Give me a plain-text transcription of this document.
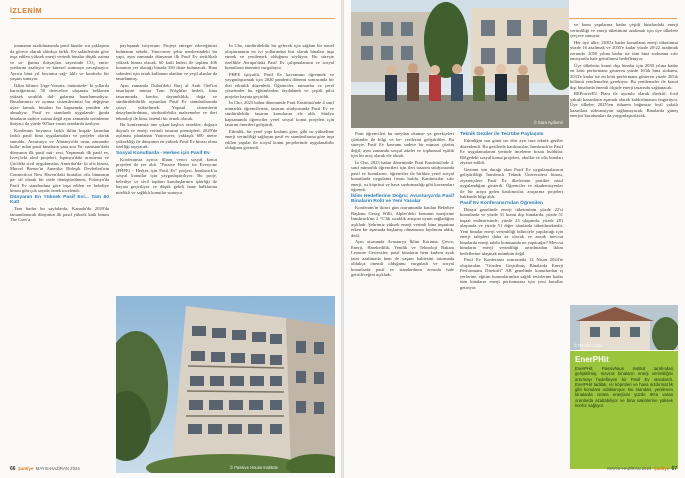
İZLENİM

tonmanın azaltılmasında pasif binala- rın yaklaşımı da görece olarak oldukça farklı. Ev sakinlerinin göre inşa edilen yüksek enerji verimli binalar düşük ısıtma ve so- ğutma ihtiyaçları sayesinde CO₂ emis- yonlarını azaltıyor ve küresel ısınmaya yavaşlatıyor. Ayrıca bina yıl boyunca sağ- lıklı ve konforlu bir yaşam sunuyor.

İklim bilimci Urge-Vorsatz, önümüzde- ki yıllarda karaciğerimiz, 50 derecelere ulaşması beklenen yüksek sıcaklık dal- galarına hazırlanmalıyız. Binalarımızı ve ısınma sistemlerimizi bu değişime uyar- lamalı, binaları bu kapsamda yeniden ele almalıyız. Pasif ev standardı uygulandı- ğında binaların sadece ısıtma değil aynı zamanda serinletme ihtiyacı da yüzde 90'lara varan oranlarda azalıyor.

Konferans boyunca farklı iklim kuşak- larından farklı pasif bina uygulamaları ve projeler olarak sunuldu. Avusturya ve Almanya'da uzun zamandır kulla- nılan pasif binaların yanı sıra Yu- nanistan'daki dünyanın ilk pasif mü- zesi, Yaşanmak ilk pasif ev, İsveç'teki okul projeleri, İspanya'daki arastırma ve Çin'deki sivil uygulamalar, Amerika'da- ki ofis binası, Marcel Breuer'in Amerika Birleşik Devletleri'nin Connecticut New Haven'daki brutalist ofis binasının pa- sif olarak bir otele dönüştürülmesi, Polonya'da Pasif Ev standardına göre inşa edilen ve belediye binası gibi çok sayıda örnek incelendi.

Dünyanın En Yüksek Pasif Evi... Tam 60 Kat!

Tam budur bu sayfalarda, Kanada'da 2029'da tamamlanacak dünyanın ilk pasif yüksek katlı binası The Curv'a

paylaşmak istiyorum. Projeyi entegre edeceğimizi bulmanın sebebi, Vancouver şehir merkezindeki bu yapı, aynı zamanda dünyanın ilk Pasif Ev sertifikalı yüksek binası olacak. 60 katlı kulesi ile toplam 406 konutun yer alacağı binada 350 daire bulunacak. Bina sakinleri için ortak kullanım alanları ve yeşil alanlar da tasarlanmış.

Aynı zamanda Dubai'deki Burj al Arab Otel'ini tasarlayan mimar Tom Wright'ın hedefi, bina tasarımında, konfor, dayanıklılık, doğa ve sürdürülebilirlik açısından Pasif Ev standartlarında çıtayı yükseltmek. Yapısal sistemlerin detaylandırılması, sürdürülebilir malzemeler ve ileri teknoloji ile bina, önemli bir örnek olacak.

Bu konferansta öne çıkan başlıca örnekler, doğaya duyarlı ve enerji verimli tasarım prensipleri, 2029'da açılması planlanan Vancouver, yaklaşık 600 metre yüksekliği ile dünyanın en yüksek Pasif Ev binası olma özelliği taşıyacak.

Sosyal Konutlarda - Herkes için Pasif Ev

Konferansta ayrıca ilham verici sosyal konut projeleri de yer aldı. "Passive House for Everyone (PHFE) - Herkes için Pasif Ev" projesi, İnnsbruck'ta sosyal konutlar için yaygınlaştırılıyor. Bu proje, belediye ve sivil toplum kuruluşlarının işbirliği ile hayata geçiriliyor ve düşük gelirli hane halklarına nitelikli ve sağlıklı konutlar sunuyor.

İn Cho, sürdürülebilir bir gelecek için sağlam bir temel oluşturmanın en iyi yollarından biri olarak binaları inşa etmek ve yenilemek olduğunu söylüyor. Bu süreçte özellikle Avrupa'daki Pasif Ev çalışmalarının ve sosyal konutların önemini vurguluyor.

PHFE iştiyatili, Pasif Ev kavramını öğretmek ve yaygınlaştırmak için 2020 pandemi dönemi sonrasında bir dizi etkinlik düzenledi. Öğrenciler, mimarlar ve yerel yönetimler bu eğitimlerden faydalandı ve çeşitli pilot projeler hayata geçirildi.

İn Cho, 2023 bahar döneminde Pratt Enstitüsü'nde 4 sınıf mimarlık öğrencilerine, tasarım stüdyosunda Pasif Ev ve sürdürülebilir tasarım konularını ele aldı. Stüdyo kapsamında öğrenciler yerel sosyal konut projeleri için tasarım önerileri geliştirdi.

Etkinlik, bir yerel yapı kodunu göre, gibi ısı yükseltme enerji verimliliği sağlayan pasif ev standartlarına göre inşa edilen yapılar ile sosyal konut projelerinde uygulanabilir olduğunu gösterdi.

© Passive House Institute
66 Şantiye MAYIS-HAZİRAN 2024
© Sara Aydemir

Pratt öğrencileri bu meydan okuma- ya gerekçeleri çözümler ile bilgi ve be- cerilerini geliştirdiler. Bu süreçte, Pasif Ev kavramı sadece bir mimari çözüm değil, aynı zamanda sosyal adalet ve toplumsal eşitlik için bir araç olarak ele alındı.

İn Cho, 2023 bahar döneminde Pratt Enstitüsü'nde 4. sınıf mimarlık öğrencileri için ileri tasarım stüdyosunda pasif ev konularını, öğrenciler ile birlikte yerel sosyal konutlarda uygulama fırsatı buldu. Katılımcılar sıfır enerji, ısı köprüsü ve hava sızdırmazlığı gibi kavramları öğrendi.

İklim Hedeflerine Doğru: Avusturya'da Pasif Binaların Rolü ve Yeni Yasalar

Konferans'ın ikinci gün oturumunda katılan Belediye Başkanı Georg Willi, Alpler'deki konutun enerjisine İnnsbruck'un 2 °C'lik sıcaklık artışına uyum sağladığını açıkladı. Şehrimiz yüksek enerji verimli bina inşaatına erken bir aşamada başlamış olmamızın faydasını aldık, dedi.

Aynı oturumda Avusturya İklim Koruma, Çevre, Enerji, Hareketlilik, Yenilik ve Teknoloji Bakanı Leonore Gewessler, pasif binaların hem karbon ayak izini azaltmada hem de yaşam kalitesini artırmada oldukça önemli olduğunu vurguladı ve sosyal konutlarda pasif ev standardının zorunlu hale getirileceğini açıkladı.

Teknik Geziler ile Tecrübe Paylaşımı

Etkinliğin son günü ise dört ayrı tura teknik geziler düzenlendi. Bu gezilerde katılımcılar, İnnsbruck'ta Pasif Ev uygulamalarını yerinde inceleme fırsatı buldular. Bölgedeki sosyal konut projeleri, okullar ve ofis binaları ziyaret edildi.

Gezinin son durağı olan Pasif Ev uygulamalarının geliştirildiği İnnsbruck Teknik Üniversitesi binası, ziyaretçilere Pasif Ev ilkelerinin pratikte nasıl uygulandığını gösterdi. Öğrenciler ve akademisyenler ile bir araya gelen katılımcılar, araştırma projeleri hakkında bilgi aldı.

Pasif Ev Konferansı'ndan Öğrenilen

Dünya genelinde enerji tüketiminin yüzde 22'si konutlarda ve yüzde 31 konut dışı binalarda, yüzde 51 inşaat endüstrisinde, yüzde 23 ulaşımda, yüzde 28'i ulaşımda ve yüzde 51 diğer alanlarda tüketilmektedir. Yeni binalar enerji verimliliği bilinciyle yapılacağı için enerji talepleri daha az olacak ve ancak mevcut binalarda enerji talebi konusunda ne yapacağız? Mevcut binaların enerji verimliliği artırılmadan iklim hedeflerine ulaşmak mümkün değil.

Pasif Ev Konferansı sonrasında 12 Nisan 2024'te oluşturulan "Gözden Geçirilmiş Binalarda Enerji Performansı Direktifi" AB genelinde konutlardan iş yerlerine, eğitim kurumlarından sağlık tesislerine kadar tüm binaların enerji performansı için yeni kurallar getiriyor.

ve konu yapılarına kadar çeşitli binalardaki enerji verimliliği ve enerji tüketimini azaltmak için üye ülkelere çerçeve sunuyor.

Her üye ülke, 2030'a kadar konutların enerji tüketimini yüzde 16 azaltmak ve 2035'e kadar yüzde 20-22 azaltmak zorunda. 2050 yılına kadar ise tüm bina stokunun sıfır emisyonlu hale getirilmesi hedefleniyor.

Üye ülkelerin konut dışı binalar için 2030 yılına kadar en kötü performans gösteren yüzde 16'lık bina stokunu, 2033'e kadar ise en kötü performans gösteren yüzde 26'lık bölümü yenilemeleri gerekiyor. Bu yenilemeler ile konut dışı binalarda önemli ölçüde enerji tasarrufu sağlanacak.

REPowerEU Planı ile uyumlu olarak direktif, fosil yakıtlı kazanların aşamalı olarak kaldırılmasını öngörüyor. Üye ülkeler 2025'ten itibaren bağımsız fosil yakıtlı kazanlara sübvansiyon sağlamayacak. Binalarda güneş enerjisi kurulumları da yaygınlaştırılacak.

© Rachel Lloyd
EnerPHit
EnerPHit, Passivhaus Institut tarafından geliştirilmiş, mevcut binaların enerji verimliliğini artırmayı hedefleyen bir Pasif Ev standardı. EnerPHit tadilatı, ısı köprüleri ve hava sızdırmazlık gibi konulara odaklanıyor. Bu standart, yenilenen binalarda ısıtma enerjisini yüzde 90'a varan oranlarda azaltabiliyor ve bina sakinlerine yüksek konfor sağlıyor.
MAYIS-HAZİRAN 2024 Şantiye 67
